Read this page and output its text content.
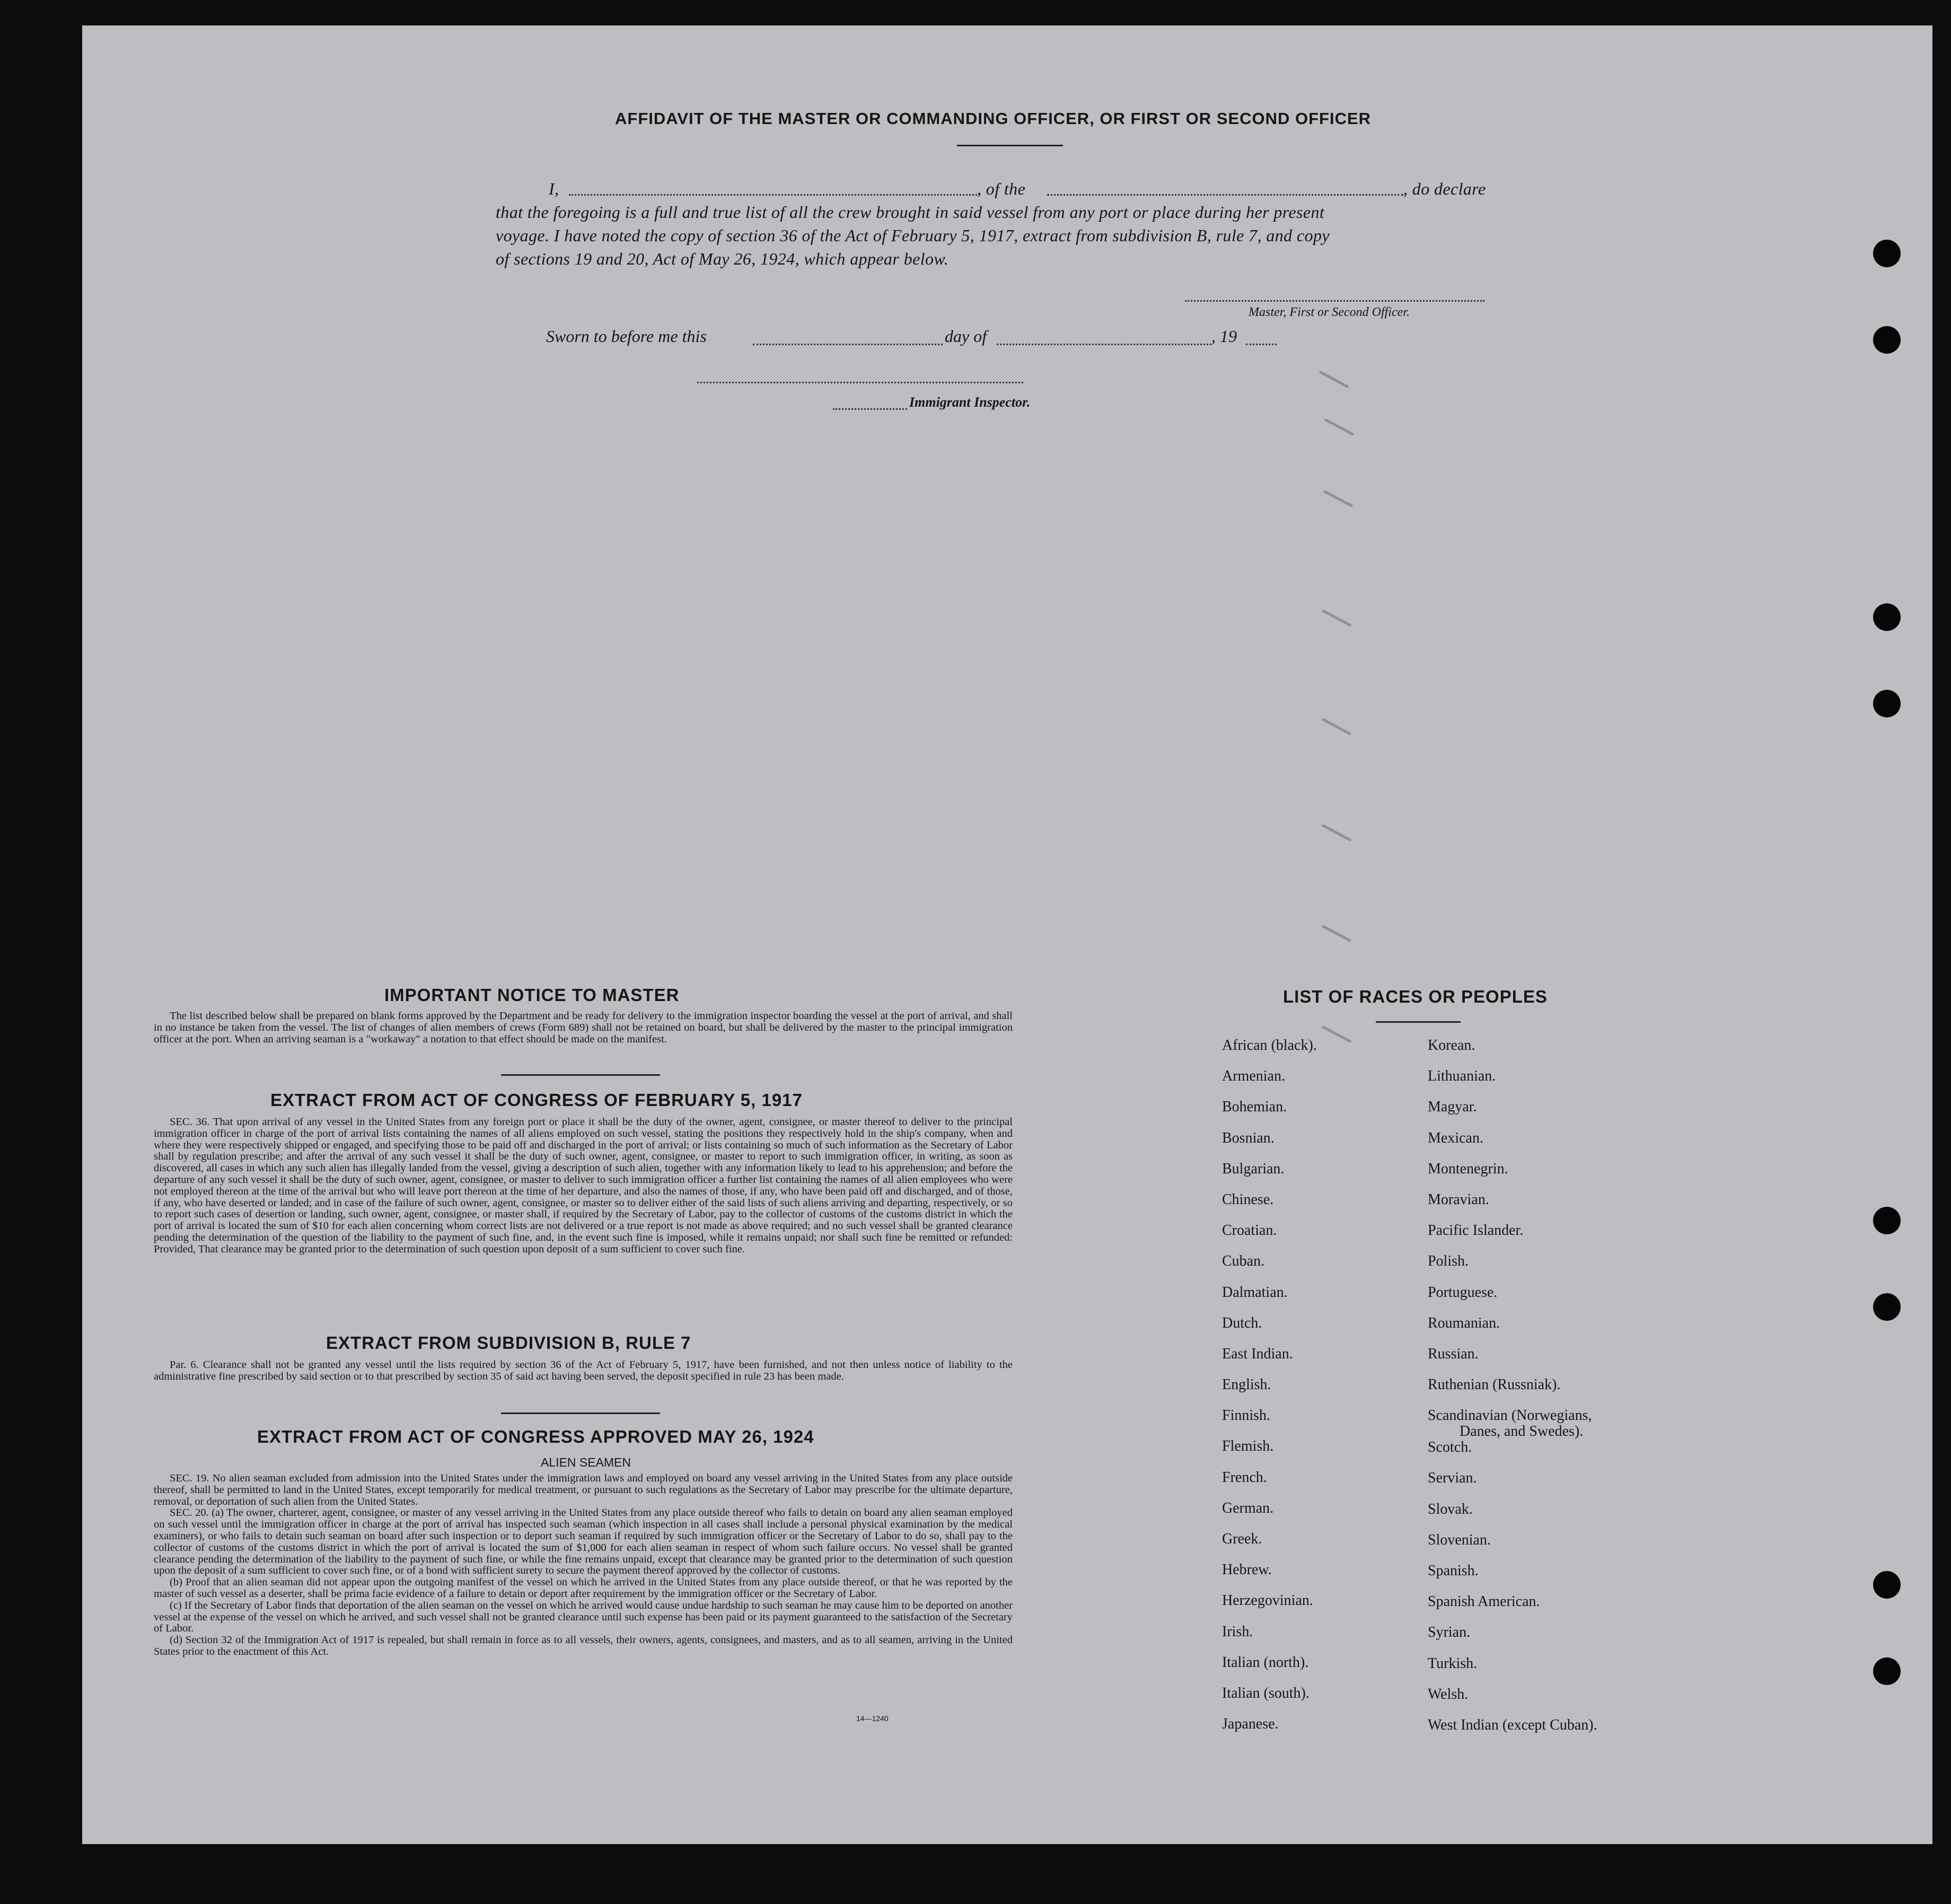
AFFIDAVIT OF THE MASTER OR COMMANDING OFFICER, OR FIRST OR SECOND OFFICER
I,	, of the	, do declare
that the foregoing is a full and true list of all the crew brought in said vessel from any port or place during her present
voyage. I have noted the copy of section 36 of the Act of February 5, 1917, extract from subdivision B, rule 7, and copy
of sections 19 and 20, Act of May 26, 1924, which appear below.
Master, First or Second Officer.
Sworn to before me this	day of	, 19
Immigrant Inspector.
IMPORTANT NOTICE TO MASTER
The list described below shall be prepared on blank forms approved by the Department and be ready for delivery to the immigration inspector boarding the vessel at the port of arrival, and shall in no instance be taken from the vessel. The list of changes of alien members of crews (Form 689) shall not be retained on board, but shall be delivered by the master to the principal immigration officer at the port. When an arriving seaman is a "workaway" a notation to that effect should be made on the manifest.
EXTRACT FROM ACT OF CONGRESS OF FEBRUARY 5, 1917
SEC. 36. That upon arrival of any vessel in the United States from any foreign port or place it shall be the duty of the owner, agent, consignee, or master thereof to deliver to the principal immigration officer in charge of the port of arrival lists containing the names of all aliens employed on such vessel, stating the positions they respectively hold in the ship's company, when and where they were respectively shipped or engaged, and specifying those to be paid off and discharged in the port of arrival; or lists containing so much of such information as the Secretary of Labor shall by regulation prescribe; and after the arrival of any such vessel it shall be the duty of such owner, agent, consignee, or master to report to such immigration officer, in writing, as soon as discovered, all cases in which any such alien has illegally landed from the vessel, giving a description of such alien, together with any information likely to lead to his apprehension; and before the departure of any such vessel it shall be the duty of such owner, agent, consignee, or master to deliver to such immigration officer a further list containing the names of all alien employees who were not employed thereon at the time of the arrival but who will leave port thereon at the time of her departure, and also the names of those, if any, who have been paid off and discharged, and of those, if any, who have deserted or landed; and in case of the failure of such owner, agent, consignee, or master so to deliver either of the said lists of such aliens arriving and departing, respectively, or so to report such cases of desertion or landing, such owner, agent, consignee, or master shall, if required by the Secretary of Labor, pay to the collector of customs of the customs district in which the port of arrival is located the sum of $10 for each alien concerning whom correct lists are not delivered or a true report is not made as above required; and no such vessel shall be granted clearance pending the determination of the question of the liability to the payment of such fine, and, in the event such fine is imposed, while it remains unpaid; nor shall such fine be remitted or refunded: Provided, That clearance may be granted prior to the determination of such question upon deposit of a sum sufficient to cover such fine.
EXTRACT FROM SUBDIVISION B, RULE 7
Par. 6. Clearance shall not be granted any vessel until the lists required by section 36 of the Act of February 5, 1917, have been furnished, and not then unless notice of liability to the administrative fine prescribed by said section or to that prescribed by section 35 of said act having been served, the deposit specified in rule 23 has been made.
EXTRACT FROM ACT OF CONGRESS APPROVED MAY 26, 1924
ALIEN SEAMEN
SEC. 19. No alien seaman excluded from admission into the United States under the immigration laws and employed on board any vessel arriving in the United States from any place outside thereof, shall be permitted to land in the United States, except temporarily for medical treatment, or pursuant to such regulations as the Secretary of Labor may prescribe for the ultimate departure, removal, or deportation of such alien from the United States.
SEC. 20. (a) The owner, charterer, agent, consignee, or master of any vessel arriving in the United States from any place outside thereof who fails to detain on board any alien seaman employed on such vessel until the immigration officer in charge at the port of arrival has inspected such seaman (which inspection in all cases shall include a personal physical examination by the medical examiners), or who fails to detain such seaman on board after such inspection or to deport such seaman if required by such immigration officer or the Secretary of Labor to do so, shall pay to the collector of customs of the customs district in which the port of arrival is located the sum of $1,000 for each alien seaman in respect of whom such failure occurs. No vessel shall be granted clearance pending the determination of the liability to the payment of such fine, or while the fine remains unpaid, except that clearance may be granted prior to the determination of such question upon the deposit of a sum sufficient to cover such fine, or of a bond with sufficient surety to secure the payment thereof approved by the collector of customs.
(b) Proof that an alien seaman did not appear upon the outgoing manifest of the vessel on which he arrived in the United States from any place outside thereof, or that he was reported by the master of such vessel as a deserter, shall be prima facie evidence of a failure to detain or deport after requirement by the immigration officer or the Secretary of Labor.
(c) If the Secretary of Labor finds that deportation of the alien seaman on the vessel on which he arrived would cause undue hardship to such seaman he may cause him to be deported on another vessel at the expense of the vessel on which he arrived, and such vessel shall not be granted clearance until such expense has been paid or its payment guaranteed to the satisfaction of the Secretary of Labor.
(d) Section 32 of the Immigration Act of 1917 is repealed, but shall remain in force as to all vessels, their owners, agents, consignees, and masters, and as to all seamen, arriving in the United States prior to the enactment of this Act.
14—1240
LIST OF RACES OR PEOPLES
African (black).
Armenian.
Bohemian.
Bosnian.
Bulgarian.
Chinese.
Croatian.
Cuban.
Dalmatian.
Dutch.
East Indian.
English.
Finnish.
Flemish.
French.
German.
Greek.
Hebrew.
Herzegovinian.
Irish.
Italian (north).
Italian (south).
Japanese.
Korean.
Lithuanian.
Magyar.
Mexican.
Montenegrin.
Moravian.
Pacific Islander.
Polish.
Portuguese.
Roumanian.
Russian.
Ruthenian (Russniak).
Scandinavian (Norwegians,
Danes, and Swedes).
Scotch.
Servian.
Slovak.
Slovenian.
Spanish.
Spanish American.
Syrian.
Turkish.
Welsh.
West Indian (except Cuban).
